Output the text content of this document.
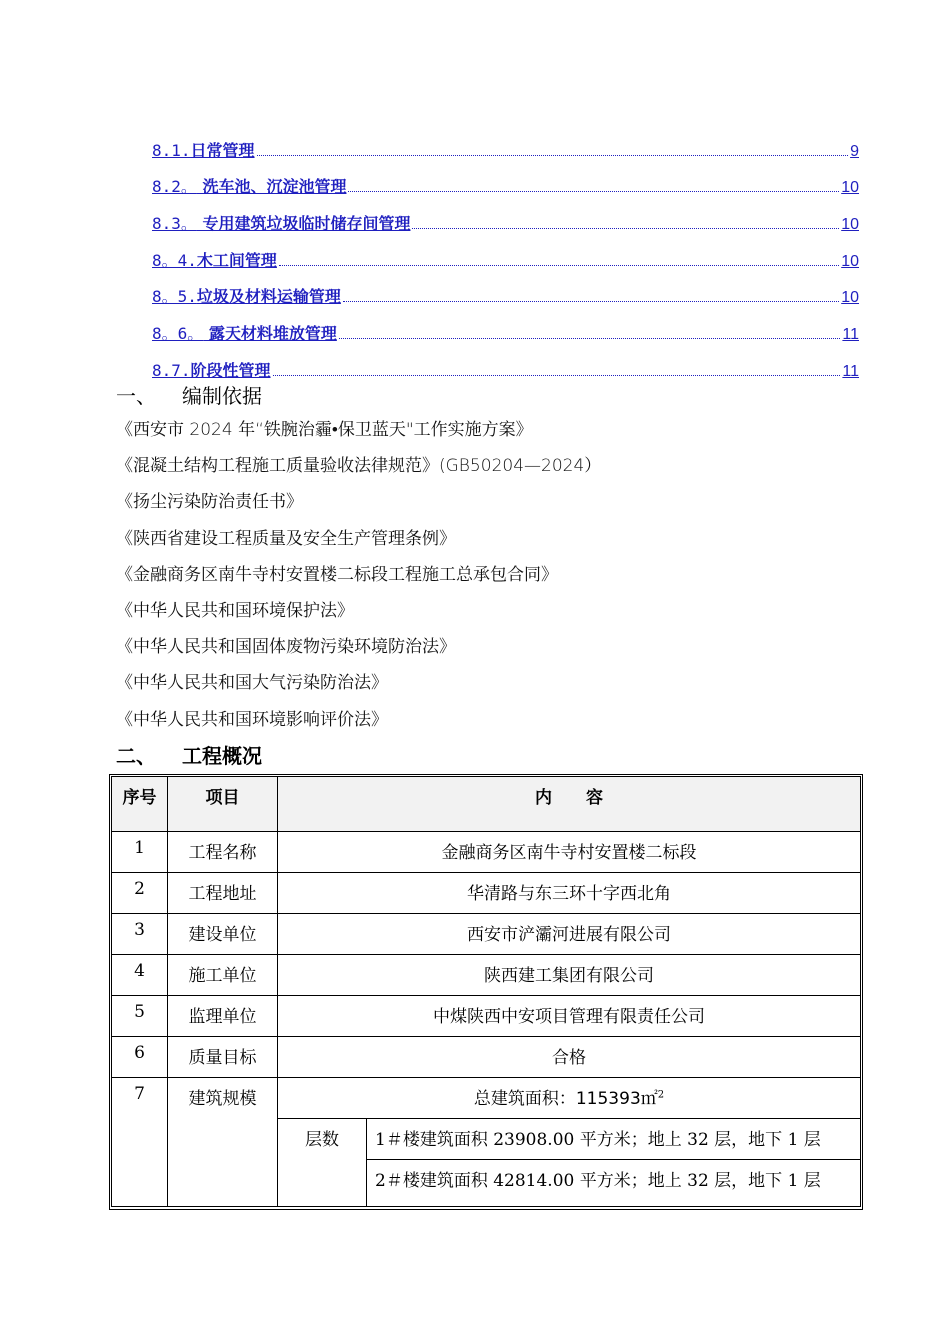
8.1.日常管理	9
8.2。 洗车池、沉淀池管理	10
8.3。 专用建筑垃圾临时储存间管理	10
8。4.木工间管理	10
8。5.垃圾及材料运输管理	10
8。6。 露天材料堆放管理	11
8.7.阶段性管理	11
一、	编制依据
《西安市 2024 年“铁腕治霾•保卫蓝天"工作实施方案》
《混凝土结构工程施工质量验收法律规范》(GB50204—2024）
《扬尘污染防治责任书》
《陕西省建设工程质量及安全生产管理条例》
《金融商务区南牛寺村安置楼二标段工程施工总承包合同》
《中华人民共和国环境保护法》
《中华人民共和国固体废物污染环境防治法》
《中华人民共和国大气污染防治法》
《中华人民共和国环境影响评价法》
二、	工程概况
序号	项目	内　　容	
1	工程名称	金融商务区南牛寺村安置楼二标段	
2	工程地址	华清路与东三环十字西北角	
3	建设单位	西安市浐灞河进展有限公司	
4	施工单位	陕西建工集团有限公司	
5	监理单位	中煤陕西中安项目管理有限责任公司	
6	质量目标	合格	
7	建筑规模	总建筑面积：115393㎡$^2$
		层数	1＃楼建筑面积 23908.00 平方米；地上 32 层，地下 1 层
			2＃楼建筑面积 42814.00 平方米；地上 32 层，地下 1 层
